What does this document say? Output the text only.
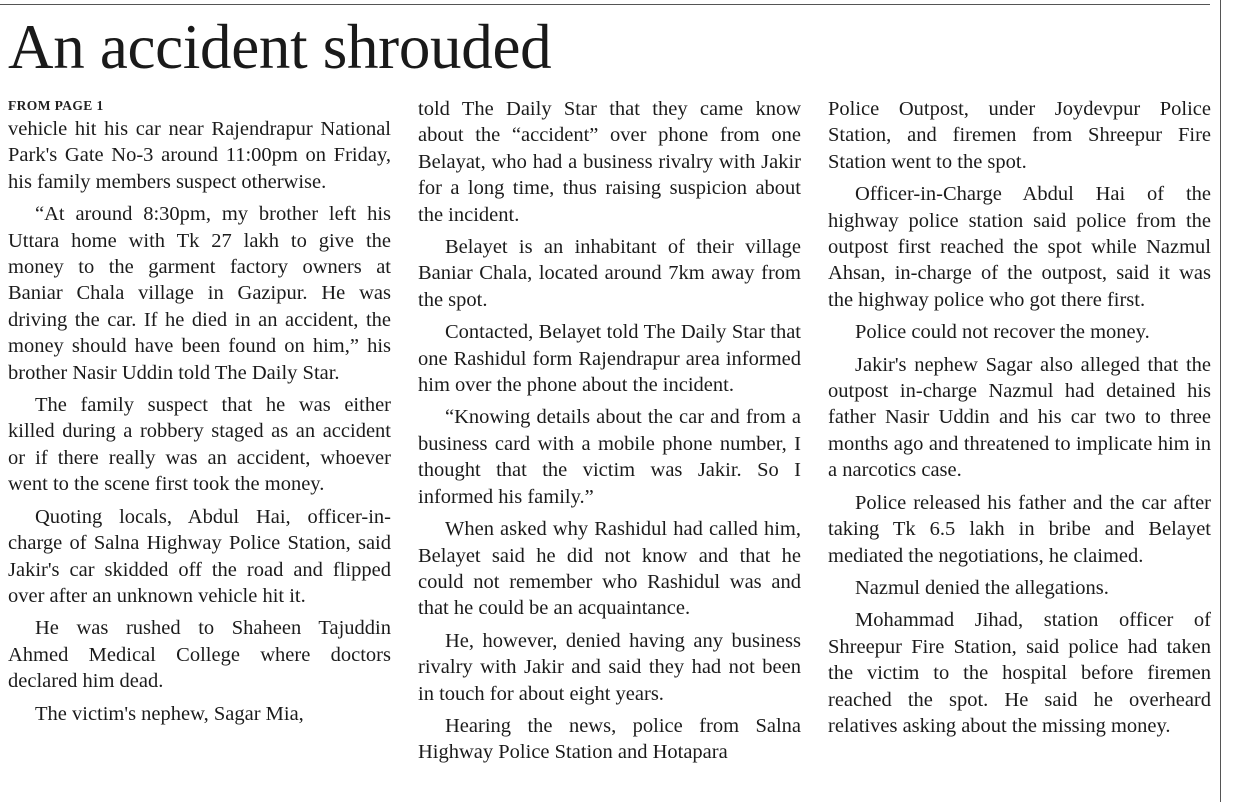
An accident shrouded
FROM PAGE 1

vehicle hit his car near Rajendrapur National Park's Gate No-3 around 11:00pm on Friday, his family members suspect otherwise.

“At around 8:30pm, my brother left his Uttara home with Tk 27 lakh to give the money to the garment factory owners at Baniar Chala village in Gazipur. He was driving the car. If he died in an accident, the money should have been found on him,” his brother Nasir Uddin told The Daily Star.

The family suspect that he was either killed during a robbery staged as an accident or if there really was an accident, whoever went to the scene first took the money.

Quoting locals, Abdul Hai, officer-in-charge of Salna Highway Police Station, said Jakir's car skidded off the road and flipped over after an unknown vehicle hit it.

He was rushed to Shaheen Tajuddin Ahmed Medical College where doctors declared him dead.

The victim's nephew, Sagar Mia,

told The Daily Star that they came know about the “accident” over phone from one Belayat, who had a business rivalry with Jakir for a long time, thus raising suspicion about the incident.

Belayet is an inhabitant of their village Baniar Chala, located around 7km away from the spot.

Contacted, Belayet told The Daily Star that one Rashidul form Rajendrapur area informed him over the phone about the incident.

“Knowing details about the car and from a business card with a mobile phone number, I thought that the victim was Jakir. So I informed his family.”

When asked why Rashidul had called him, Belayet said he did not know and that he could not remember who Rashidul was and that he could be an acquaintance.

He, however, denied having any business rivalry with Jakir and said they had not been in touch for about eight years.

Hearing the news, police from Salna Highway Police Station and Hotapara

Police Outpost, under Joydevpur Police Station, and firemen from Shreepur Fire Station went to the spot.

Officer-in-Charge Abdul Hai of the highway police station said police from the outpost first reached the spot while Nazmul Ahsan, in-charge of the outpost, said it was the highway police who got there first.

Police could not recover the money.

Jakir's nephew Sagar also alleged that the outpost in-charge Nazmul had detained his father Nasir Uddin and his car two to three months ago and threatened to implicate him in a narcotics case.

Police released his father and the car after taking Tk 6.5 lakh in bribe and Belayet mediated the negotiations, he claimed.

Nazmul denied the allegations.

Mohammad Jihad, station officer of Shreepur Fire Station, said police had taken the victim to the hospital before firemen reached the spot. He said he overheard relatives asking about the missing money.
